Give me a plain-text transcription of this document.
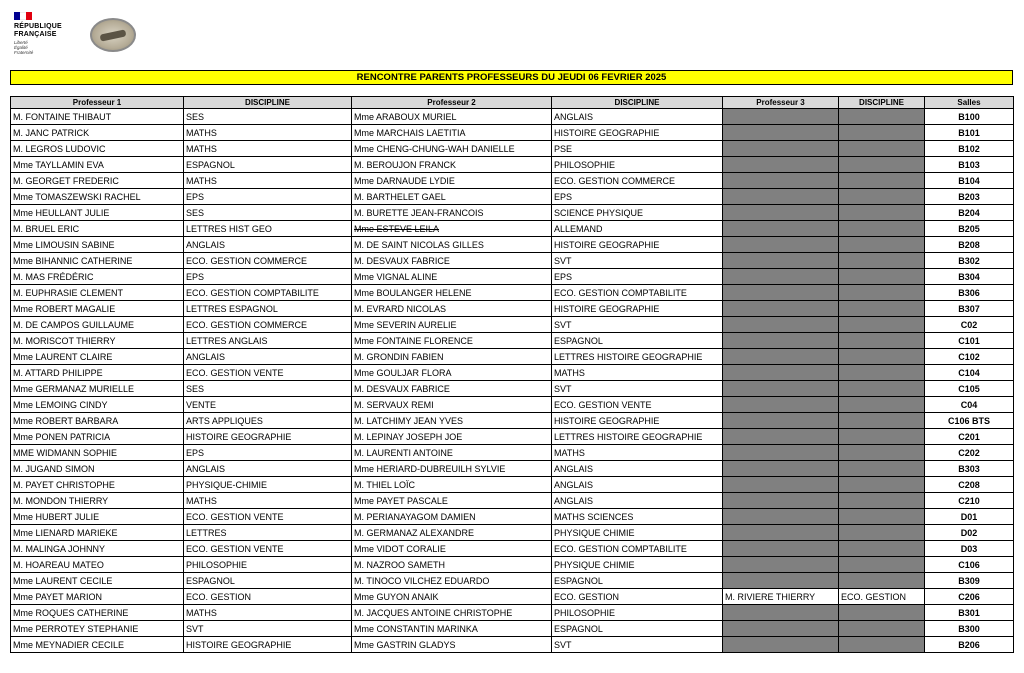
RÉPUBLIQUE
FRANÇAISE
Liberté
Égalité
Fraternité
RENCONTRE PARENTS PROFESSEURS DU JEUDI 06 FEVRIER 2025
Professeur 1	DISCIPLINE	Professeur 2	DISCIPLINE	Professeur 3	DISCIPLINE	Salles
M. FONTAINE THIBAUT	SES	Mme ARABOUX MURIEL	ANGLAIS			B100
M. JANC PATRICK	MATHS	Mme MARCHAIS LAETITIA	HISTOIRE GEOGRAPHIE			B101
M. LEGROS LUDOVIC	MATHS	Mme CHENG-CHUNG-WAH DANIELLE	PSE			B102
Mme TAYLLAMIN EVA	ESPAGNOL	M. BEROUJON FRANCK	PHILOSOPHIE			B103
M. GEORGET FREDERIC	MATHS	Mme DARNAUDE LYDIE	ECO. GESTION COMMERCE			B104
Mme TOMASZEWSKI RACHEL	EPS	M. BARTHELET GAEL	EPS			B203
Mme HEULLANT JULIE	SES	M. BURETTE JEAN-FRANCOIS	SCIENCE PHYSIQUE			B204
M. BRUEL ERIC	LETTRES HIST GEO	Mme ESTEVE LEILA	ALLEMAND			B205
Mme LIMOUSIN SABINE	ANGLAIS	M. DE SAINT NICOLAS GILLES	HISTOIRE GEOGRAPHIE			B208
Mme BIHANNIC CATHERINE	ECO. GESTION COMMERCE	M. DESVAUX FABRICE	SVT			B302
M. MAS FRÉDÉRIC	EPS	Mme VIGNAL ALINE	EPS			B304
M. EUPHRASIE CLEMENT	ECO. GESTION COMPTABILITE	Mme BOULANGER HELENE	ECO. GESTION COMPTABILITE			B306
Mme ROBERT MAGALIE	LETTRES ESPAGNOL	M. EVRARD NICOLAS	HISTOIRE GEOGRAPHIE			B307
M. DE CAMPOS GUILLAUME	ECO. GESTION COMMERCE	Mme SEVERIN AURELIE	SVT			C02
M. MORISCOT THIERRY	LETTRES ANGLAIS	Mme FONTAINE FLORENCE	ESPAGNOL			C101
Mme LAURENT CLAIRE	ANGLAIS	M. GRONDIN FABIEN	LETTRES HISTOIRE GEOGRAPHIE			C102
M. ATTARD PHILIPPE	ECO. GESTION VENTE	Mme GOULJAR FLORA	MATHS			C104
Mme GERMANAZ MURIELLE	SES	M. DESVAUX FABRICE	SVT			C105
Mme LEMOING CINDY	VENTE	M. SERVAUX REMI	ECO. GESTION VENTE			C04
Mme ROBERT BARBARA	ARTS APPLIQUES	M. LATCHIMY JEAN YVES	HISTOIRE GEOGRAPHIE			C106 BTS
Mme PONEN PATRICIA	HISTOIRE GEOGRAPHIE	M. LEPINAY JOSEPH JOE	LETTRES HISTOIRE GEOGRAPHIE			C201
MME WIDMANN SOPHIE	EPS	M. LAURENTI ANTOINE	MATHS			C202
M. JUGAND SIMON	ANGLAIS	Mme HERIARD-DUBREUILH SYLVIE	ANGLAIS			B303
M. PAYET CHRISTOPHE	PHYSIQUE-CHIMIE	M. THIEL LOÏC	ANGLAIS			C208
M. MONDON THIERRY	MATHS	Mme PAYET PASCALE	ANGLAIS			C210
Mme HUBERT JULIE	ECO. GESTION VENTE	M. PERIANAYAGOM DAMIEN	MATHS SCIENCES			D01
Mme LIENARD MARIEKE	LETTRES	M. GERMANAZ ALEXANDRE	PHYSIQUE CHIMIE			D02
M. MALINGA JOHNNY	ECO. GESTION VENTE	Mme VIDOT CORALIE	ECO. GESTION COMPTABILITE			D03
M. HOAREAU MATEO	PHILOSOPHIE	M. NAZROO SAMETH	PHYSIQUE CHIMIE			C106
Mme LAURENT CECILE	ESPAGNOL	M. TINOCO VILCHEZ EDUARDO	ESPAGNOL			B309
Mme PAYET MARION	ECO. GESTION	Mme GUYON ANAIK	ECO. GESTION	M. RIVIERE THIERRY	ECO. GESTION	C206
Mme ROQUES CATHERINE	MATHS	M. JACQUES ANTOINE CHRISTOPHE	PHILOSOPHIE			B301
Mme PERROTEY STEPHANIE	SVT	Mme CONSTANTIN MARINKA	ESPAGNOL			B300
Mme MEYNADIER CECILE	HISTOIRE GEOGRAPHIE	Mme GASTRIN GLADYS	SVT			B206
